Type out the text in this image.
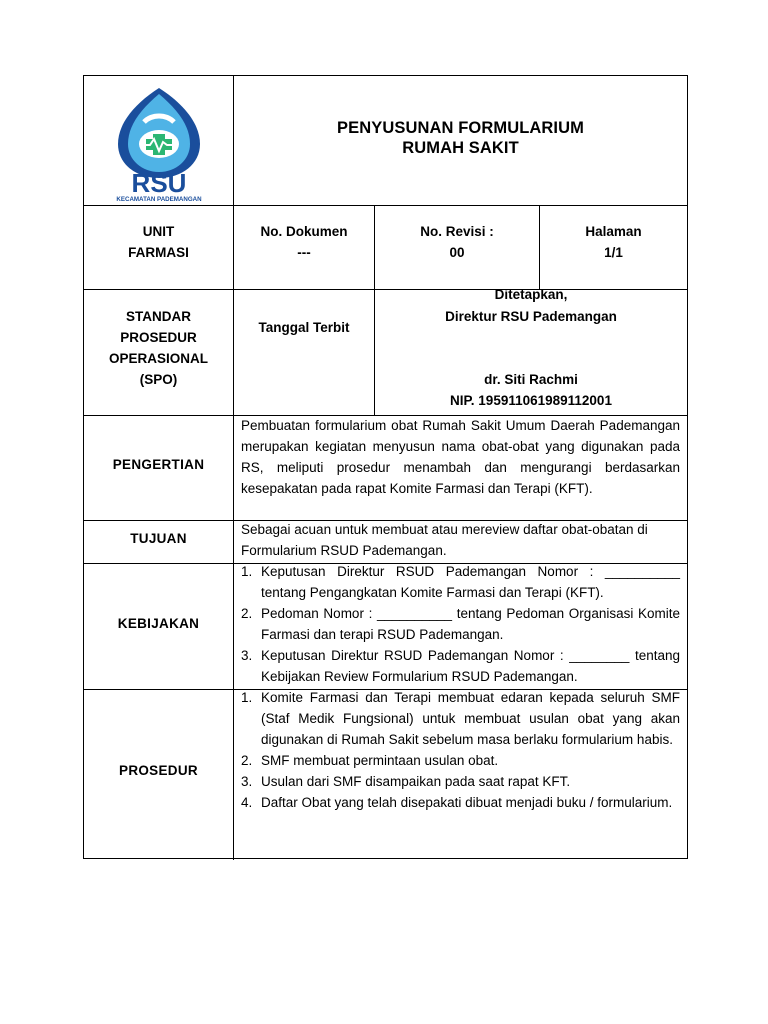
RSU
KECAMATAN PADEMANGAN
PENYUSUNAN FORMULARIUM
RUMAH SAKIT
UNIT
FARMASI
No. Dokumen
---
No. Revisi :
00
Halaman
1/1
STANDAR
PROSEDUR
OPERASIONAL
(SPO)
Tanggal Terbit
Ditetapkan,
Direktur RSU Pademangan
dr. Siti Rachmi
NIP. 195911061989112001
PENGERTIAN

Pembuatan formularium obat Rumah Sakit Umum Daerah Pademangan merupakan kegiatan menyusun nama obat-obat yang digunakan pada RS, meliputi prosedur menambah dan mengurangi berdasarkan kesepakatan pada rapat Komite Farmasi dan Terapi (KFT).

TUJUAN

Sebagai acuan untuk membuat atau mereview daftar obat-obatan di Formularium RSUD Pademangan.

KEBIJAKAN
1. Keputusan Direktur RSUD Pademangan Nomor : __________ tentang Pengangkatan Komite Farmasi dan Terapi (KFT).
2. Pedoman Nomor : __________ tentang Pedoman Organisasi Komite Farmasi dan terapi RSUD Pademangan.
3. Keputusan Direktur RSUD Pademangan Nomor : ________ tentang Kebijakan Review Formularium RSUD Pademangan.
PROSEDUR
1. Komite Farmasi dan Terapi membuat edaran kepada seluruh SMF (Staf Medik Fungsional) untuk membuat usulan obat yang akan digunakan di Rumah Sakit sebelum masa berlaku formularium habis.
2. SMF membuat permintaan usulan obat.
3. Usulan dari SMF disampaikan pada saat rapat KFT.
4. Daftar Obat yang telah disepakati dibuat menjadi buku / formularium.
